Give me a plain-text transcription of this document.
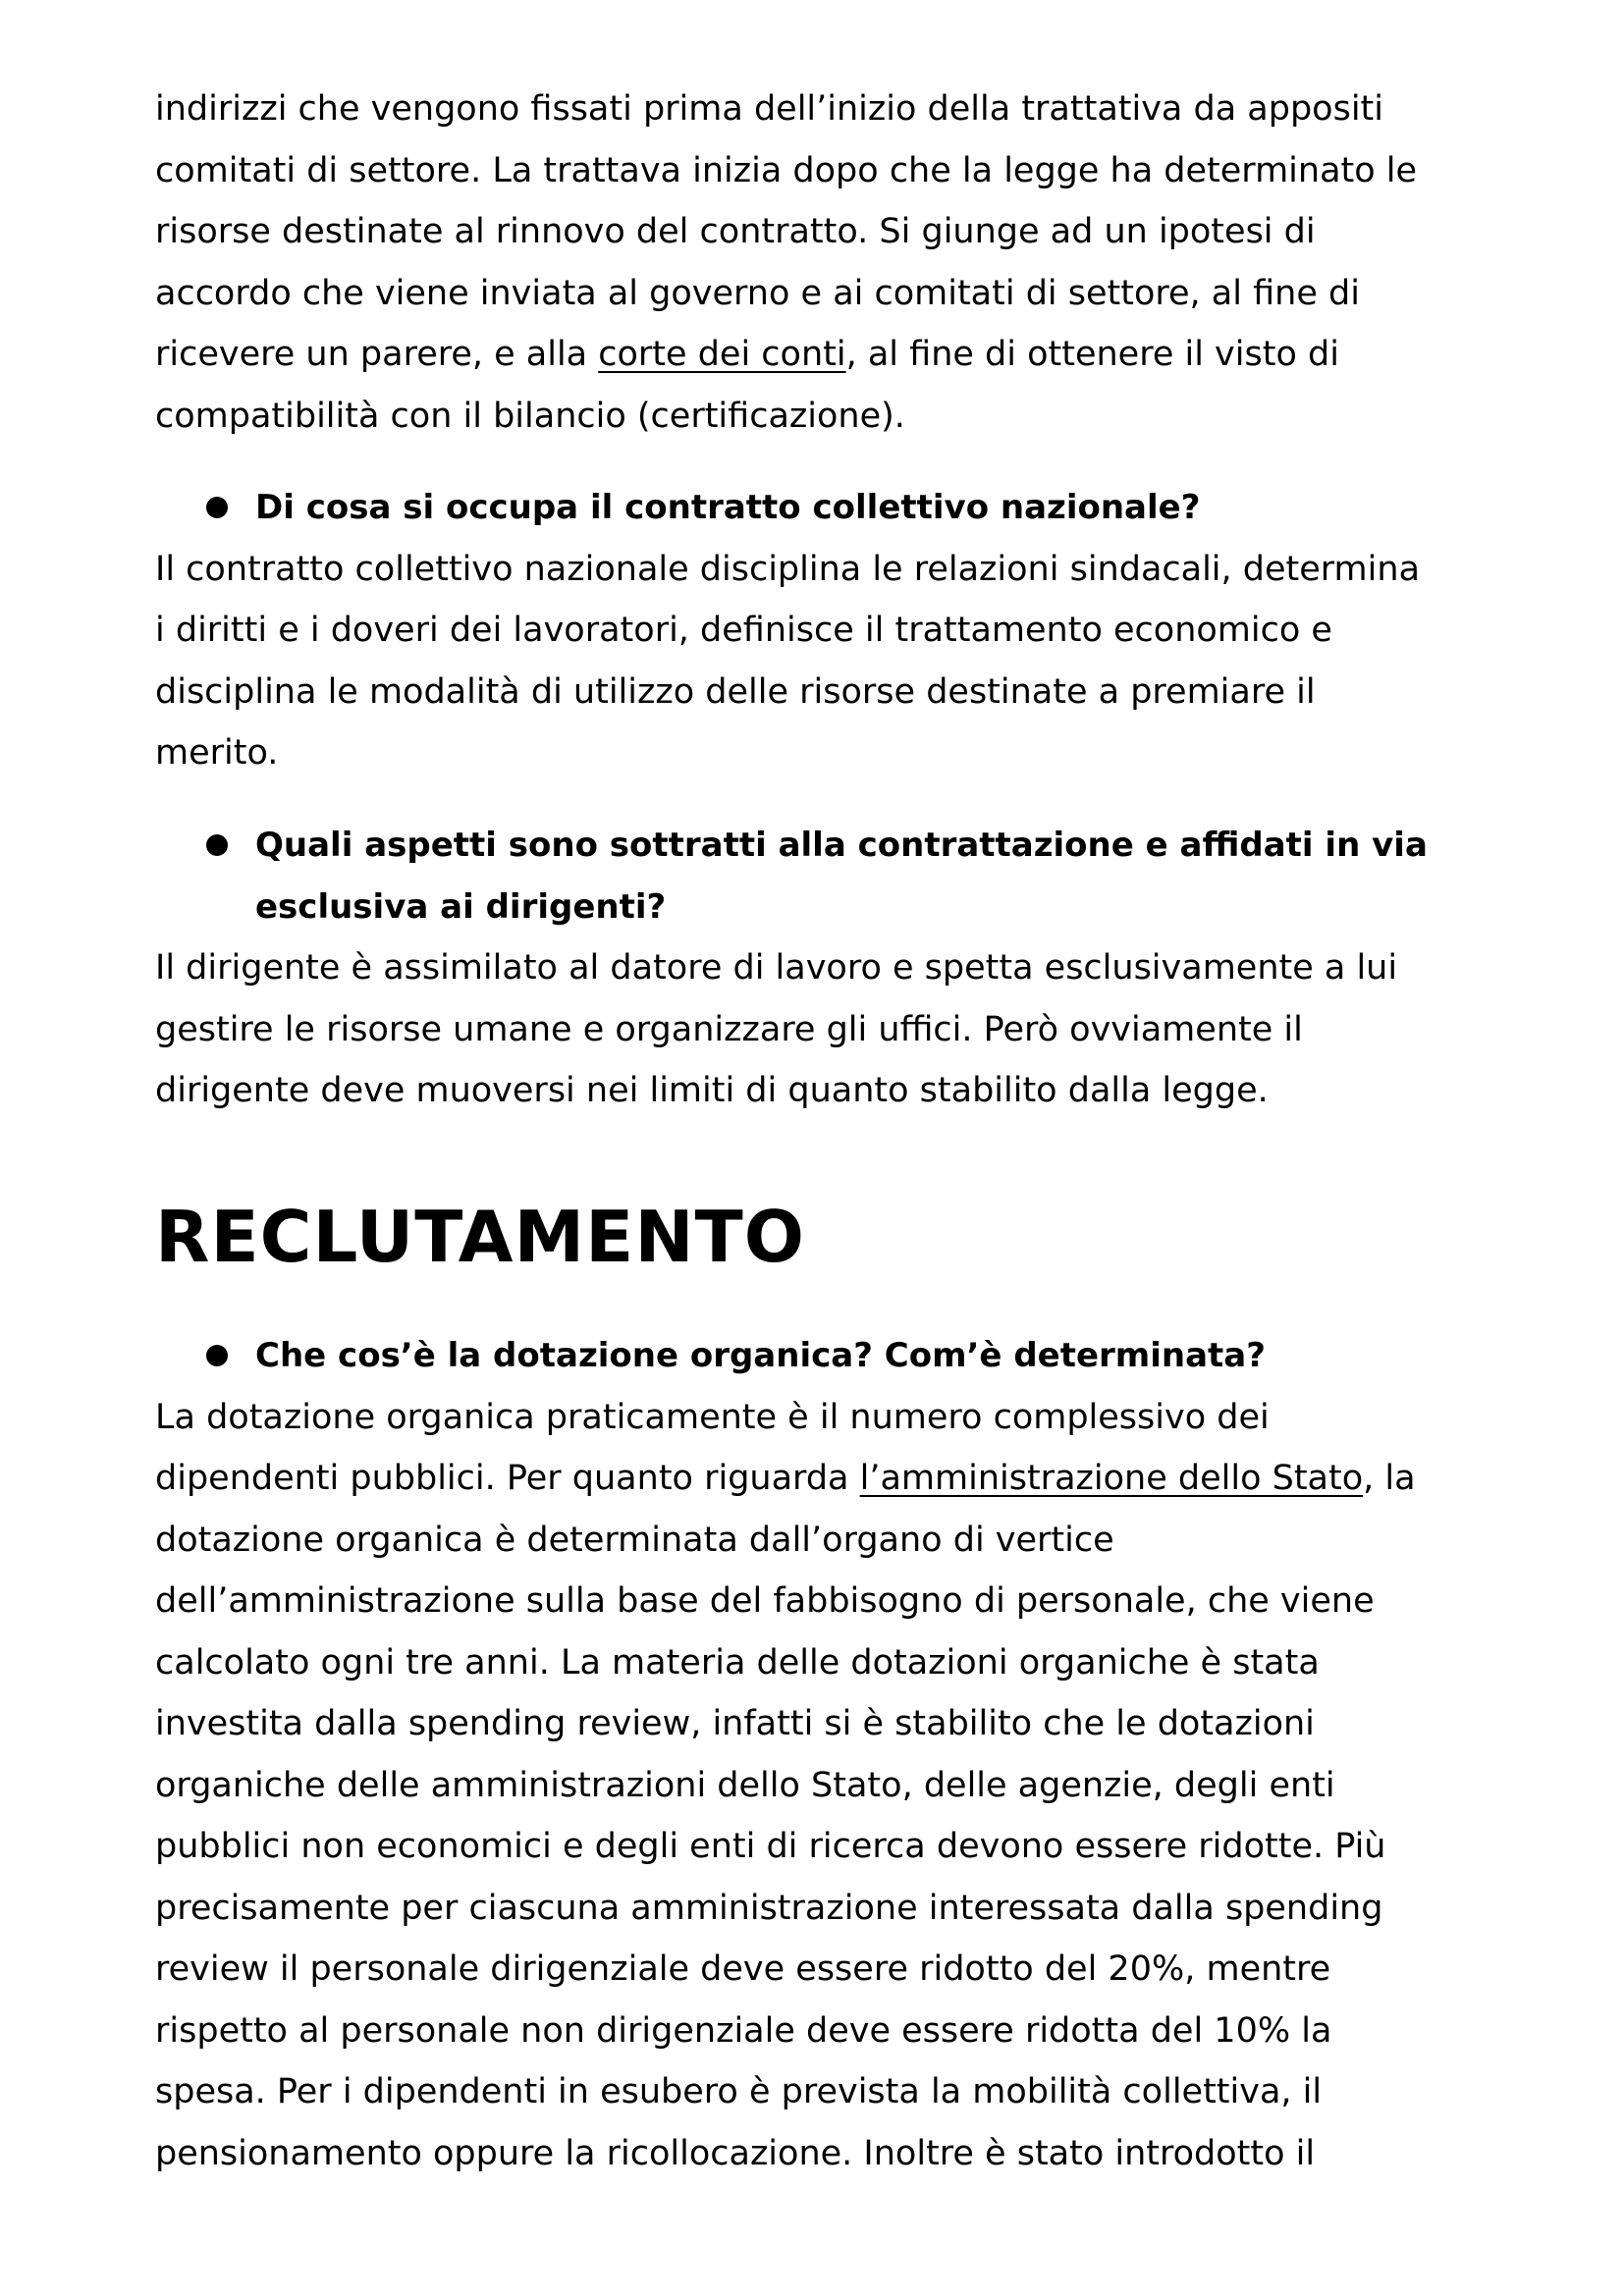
indirizzi che vengono fissati prima dell’inizio della trattativa da appositi
comitati di settore. La trattava inizia dopo che la legge ha determinato le
risorse destinate al rinnovo del contratto. Si giunge ad un ipotesi di
accordo che viene inviata al governo e ai comitati di settore, al fine di
ricevere un parere, e alla corte dei conti, al fine di ottenere il visto di
compatibilità con il bilancio (certificazione).

Di cosa si occupa il contratto collettivo nazionale?

Il contratto collettivo nazionale disciplina le relazioni sindacali, determina
i diritti e i doveri dei lavoratori, definisce il trattamento economico e
disciplina le modalità di utilizzo delle risorse destinate a premiare il
merito.

Quali aspetti sono sottratti alla contrattazione e affidati in via
esclusiva ai dirigenti?

Il dirigente è assimilato al datore di lavoro e spetta esclusivamente a lui
gestire le risorse umane e organizzare gli uffici. Però ovviamente il
dirigente deve muoversi nei limiti di quanto stabilito dalla legge.

RECLUTAMENTO

Che cos’è la dotazione organica? Com’è determinata?

La dotazione organica praticamente è il numero complessivo dei
dipendenti pubblici. Per quanto riguarda l’amministrazione dello Stato, la
dotazione organica è determinata dall’organo di vertice
dell’amministrazione sulla base del fabbisogno di personale, che viene
calcolato ogni tre anni. La materia delle dotazioni organiche è stata
investita dalla spending review, infatti si è stabilito che le dotazioni
organiche delle amministrazioni dello Stato, delle agenzie, degli enti
pubblici non economici e degli enti di ricerca devono essere ridotte. Più
precisamente per ciascuna amministrazione interessata dalla spending
review il personale dirigenziale deve essere ridotto del 20%, mentre
rispetto al personale non dirigenziale deve essere ridotta del 10% la
spesa. Per i dipendenti in esubero è prevista la mobilità collettiva, il
pensionamento oppure la ricollocazione. Inoltre è stato introdotto il
